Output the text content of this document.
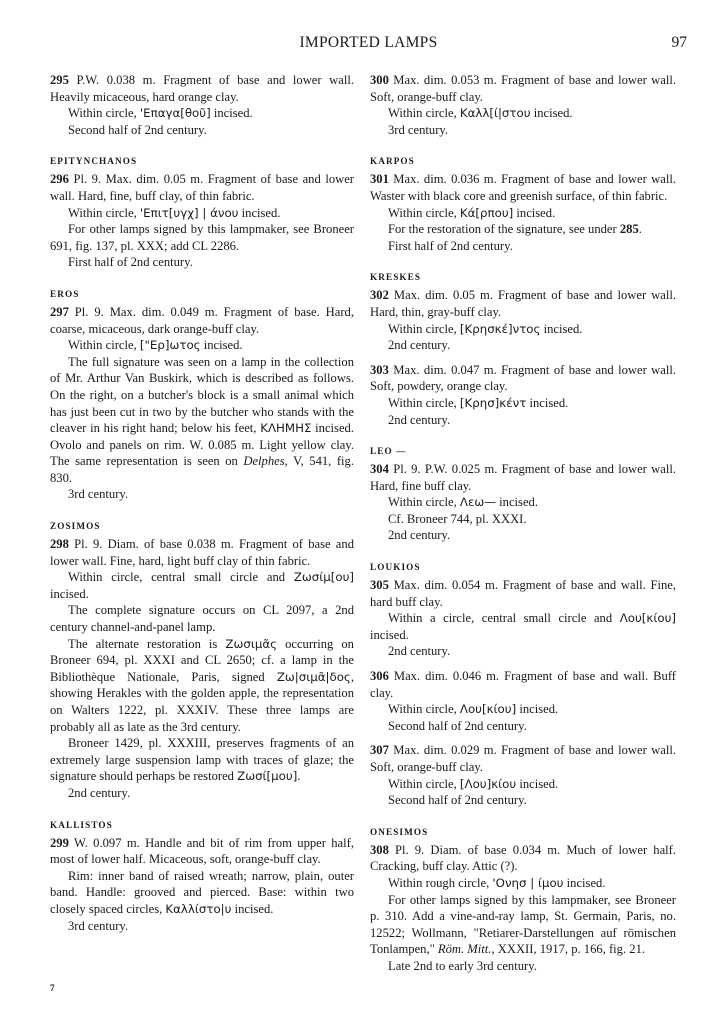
IMPORTED LAMPS	97

295 P.W. 0.038 m. Fragment of base and lower wall. Heavily micaceous, hard orange clay.

Within circle, 'Επαγα[θοῦ] incised.

Second half of 2nd century.

EPITYNCHANOS

296 Pl. 9. Max. dim. 0.05 m. Fragment of base and lower wall. Hard, fine, buff clay, of thin fabric.

Within circle, 'Επιτ[υγχ] | άνου incised.

For other lamps signed by this lampmaker, see Broneer 691, fig. 137, pl. XXX; add CL 2286.

First half of 2nd century.

EROS

297 Pl. 9. Max. dim. 0.049 m. Fragment of base. Hard, coarse, micaceous, dark orange-buff clay.

Within circle, ["Ερ]ωτος incised.

The full signature was seen on a lamp in the collection of Mr. Arthur Van Buskirk, which is described as follows. On the right, on a butcher's block is a small animal which has just been cut in two by the butcher who stands with the cleaver in his right hand; below his feet, ΚΛΗΜΗΣ incised. Ovolo and panels on rim. W. 0.085 m. Light yellow clay. The same representation is seen on Delphes, V, 541, fig. 830.

3rd century.

ZOSIMOS

298 Pl. 9. Diam. of base 0.038 m. Fragment of base and lower wall. Fine, hard, light buff clay of thin fabric.

Within circle, central small circle and Ζωσίμ[ου] incised.

The complete signature occurs on CL 2097, a 2nd century channel-and-panel lamp.

The alternate restoration is Ζωσιμᾶς occurring on Broneer 694, pl. XXXI and CL 2650; cf. a lamp in the Bibliothèque Nationale, Paris, signed Ζω|σιμᾶ|δος, showing Herakles with the golden apple, the representation on Walters 1222, pl. XXXIV. These three lamps are probably all as late as the 3rd century.

Broneer 1429, pl. XXXIII, preserves fragments of an extremely large suspension lamp with traces of glaze; the signature should perhaps be restored Ζωσί[μου].

2nd century.

KALLISTOS

299 W. 0.097 m. Handle and bit of rim from upper half, most of lower half. Micaceous, soft, orange-buff clay.

Rim: inner band of raised wreath; narrow, plain, outer band. Handle: grooved and pierced. Base: within two closely spaced circles, Καλλίστο|υ incised.

3rd century.

300 Max. dim. 0.053 m. Fragment of base and lower wall. Soft, orange-buff clay.

Within circle, Καλλ[ί|στου incised.

3rd century.

KARPOS

301 Max. dim. 0.036 m. Fragment of base and lower wall. Waster with black core and greenish surface, of thin fabric.

Within circle, Κά[ρπου] incised.

For the restoration of the signature, see under 285.

First half of 2nd century.

KRESKES

302 Max. dim. 0.05 m. Fragment of base and lower wall. Hard, thin, gray-buff clay.

Within circle, [Κρησκέ]ντος incised.

2nd century.

303 Max. dim. 0.047 m. Fragment of base and lower wall. Soft, powdery, orange clay.

Within circle, [Κρησ]κέντ incised.

2nd century.

LEO —

304 Pl. 9. P.W. 0.025 m. Fragment of base and lower wall. Hard, fine buff clay.

Within circle, Λεω— incised.

Cf. Broneer 744, pl. XXXI.

2nd century.

LOUKIOS

305 Max. dim. 0.054 m. Fragment of base and wall. Fine, hard buff clay.

Within a circle, central small circle and Λου[κίου] incised.

2nd century.

306 Max. dim. 0.046 m. Fragment of base and wall. Buff clay.

Within circle, Λου[κίου] incised.

Second half of 2nd century.

307 Max. dim. 0.029 m. Fragment of base and lower wall. Soft, orange-buff clay.

Within circle, [Λου]κίου incised.

Second half of 2nd century.

ONESIMOS

308 Pl. 9. Diam. of base 0.034 m. Much of lower half. Cracking, buff clay. Attic (?).

Within rough circle, 'Ονησ | ίμου incised.

For other lamps signed by this lampmaker, see Broneer p. 310. Add a vine-and-ray lamp, St. Germain, Paris, no. 12522; Wollmann, "Retiarer-Darstellungen auf römischen Tonlampen," Röm. Mitt., XXXII, 1917, p. 166, fig. 21.

Late 2nd to early 3rd century.

7
